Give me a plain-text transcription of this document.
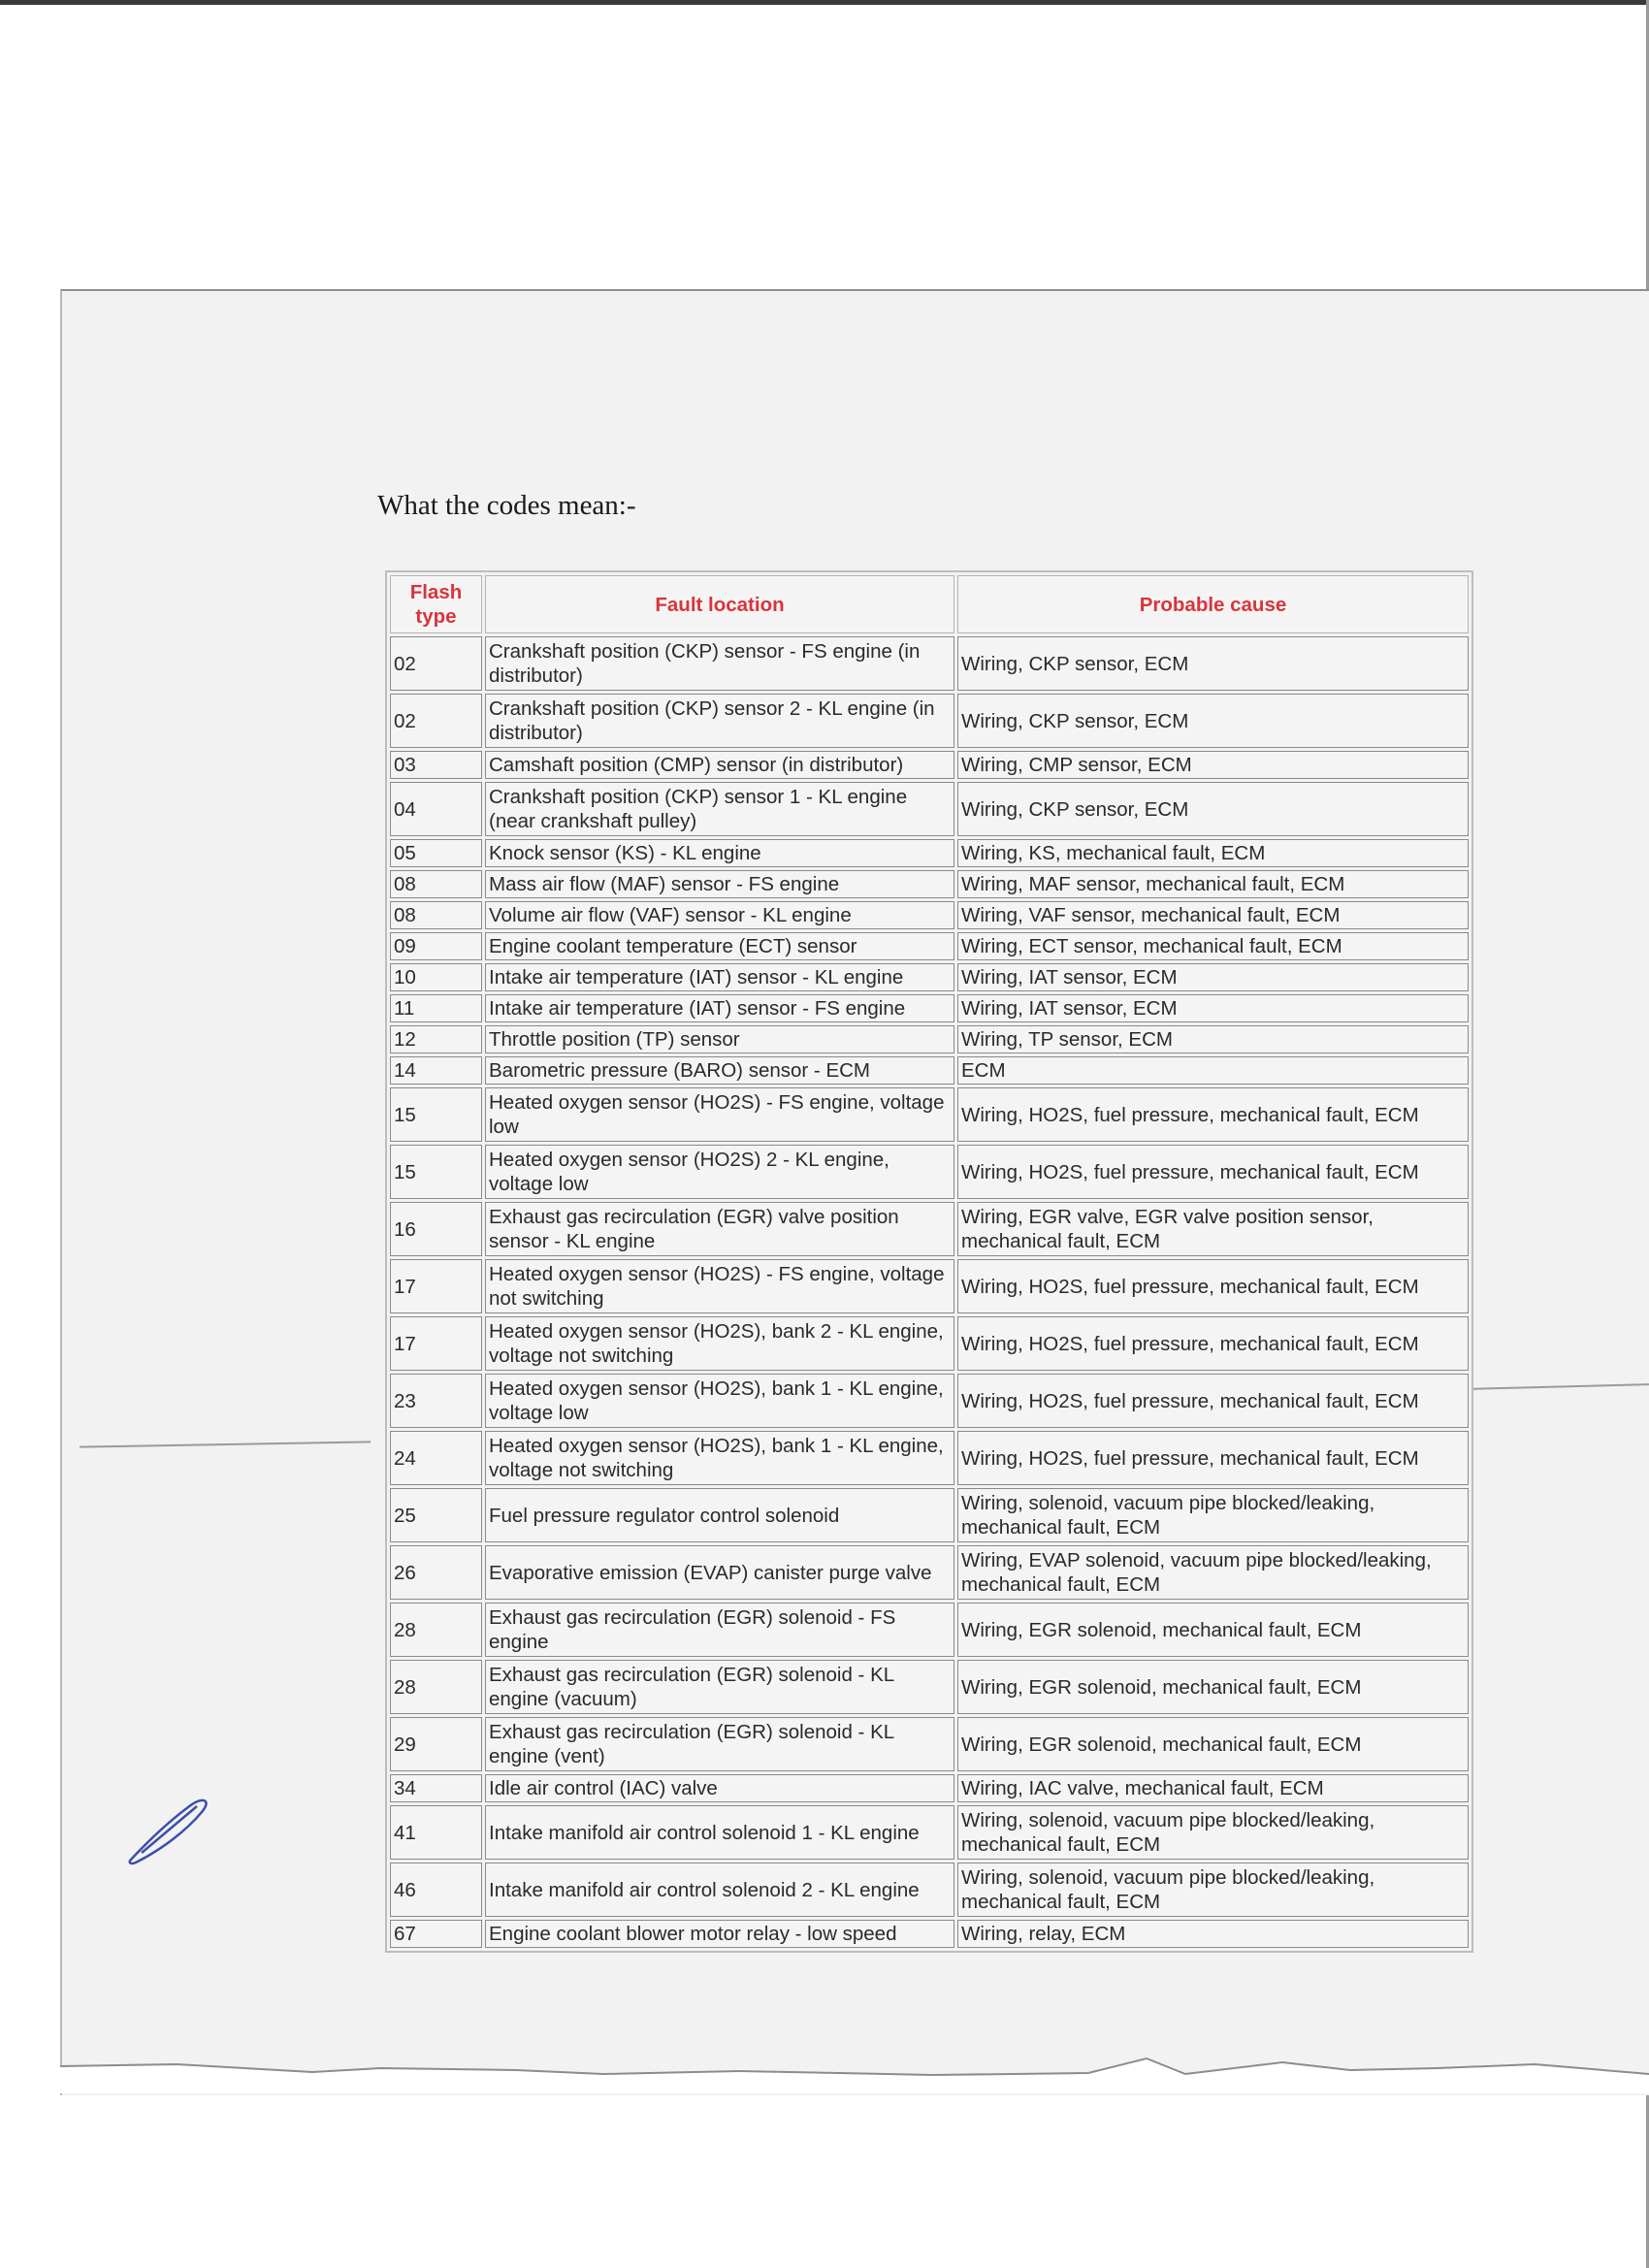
What the codes mean:-
Flash type	Fault location	Probable cause
02	Crankshaft position (CKP) sensor - FS engine (in distributor)	Wiring, CKP sensor, ECM
02	Crankshaft position (CKP) sensor 2 - KL engine (in distributor)	Wiring, CKP sensor, ECM
03	Camshaft position (CMP) sensor (in distributor)	Wiring, CMP sensor, ECM
04	Crankshaft position (CKP) sensor 1 - KL engine (near crankshaft pulley)	Wiring, CKP sensor, ECM
05	Knock sensor (KS) - KL engine	Wiring, KS, mechanical fault, ECM
08	Mass air flow (MAF) sensor - FS engine	Wiring, MAF sensor, mechanical fault, ECM
08	Volume air flow (VAF) sensor - KL engine	Wiring, VAF sensor, mechanical fault, ECM
09	Engine coolant temperature (ECT) sensor	Wiring, ECT sensor, mechanical fault, ECM
10	Intake air temperature (IAT) sensor - KL engine	Wiring, IAT sensor, ECM
11	Intake air temperature (IAT) sensor - FS engine	Wiring, IAT sensor, ECM
12	Throttle position (TP) sensor	Wiring, TP sensor, ECM
14	Barometric pressure (BARO) sensor - ECM	ECM
15	Heated oxygen sensor (HO2S) - FS engine, voltage low	Wiring, HO2S, fuel pressure, mechanical fault, ECM
15	Heated oxygen sensor (HO2S) 2 - KL engine, voltage low	Wiring, HO2S, fuel pressure, mechanical fault, ECM
16	Exhaust gas recirculation (EGR) valve position sensor - KL engine	Wiring, EGR valve, EGR valve position sensor, mechanical fault, ECM
17	Heated oxygen sensor (HO2S) - FS engine, voltage not switching	Wiring, HO2S, fuel pressure, mechanical fault, ECM
17	Heated oxygen sensor (HO2S), bank 2 - KL engine, voltage not switching	Wiring, HO2S, fuel pressure, mechanical fault, ECM
23	Heated oxygen sensor (HO2S), bank 1 - KL engine, voltage low	Wiring, HO2S, fuel pressure, mechanical fault, ECM
24	Heated oxygen sensor (HO2S), bank 1 - KL engine, voltage not switching	Wiring, HO2S, fuel pressure, mechanical fault, ECM
25	Fuel pressure regulator control solenoid	Wiring, solenoid, vacuum pipe blocked/leaking, mechanical fault, ECM
26	Evaporative emission (EVAP) canister purge valve	Wiring, EVAP solenoid, vacuum pipe blocked/leaking, mechanical fault, ECM
28	Exhaust gas recirculation (EGR) solenoid - FS engine	Wiring, EGR solenoid, mechanical fault, ECM
28	Exhaust gas recirculation (EGR) solenoid - KL engine (vacuum)	Wiring, EGR solenoid, mechanical fault, ECM
29	Exhaust gas recirculation (EGR) solenoid - KL engine (vent)	Wiring, EGR solenoid, mechanical fault, ECM
34	Idle air control (IAC) valve	Wiring, IAC valve, mechanical fault, ECM
41	Intake manifold air control solenoid 1 - KL engine	Wiring, solenoid, vacuum pipe blocked/leaking, mechanical fault, ECM
46	Intake manifold air control solenoid 2 - KL engine	Wiring, solenoid, vacuum pipe blocked/leaking, mechanical fault, ECM
67	Engine coolant blower motor relay - low speed	Wiring, relay, ECM
